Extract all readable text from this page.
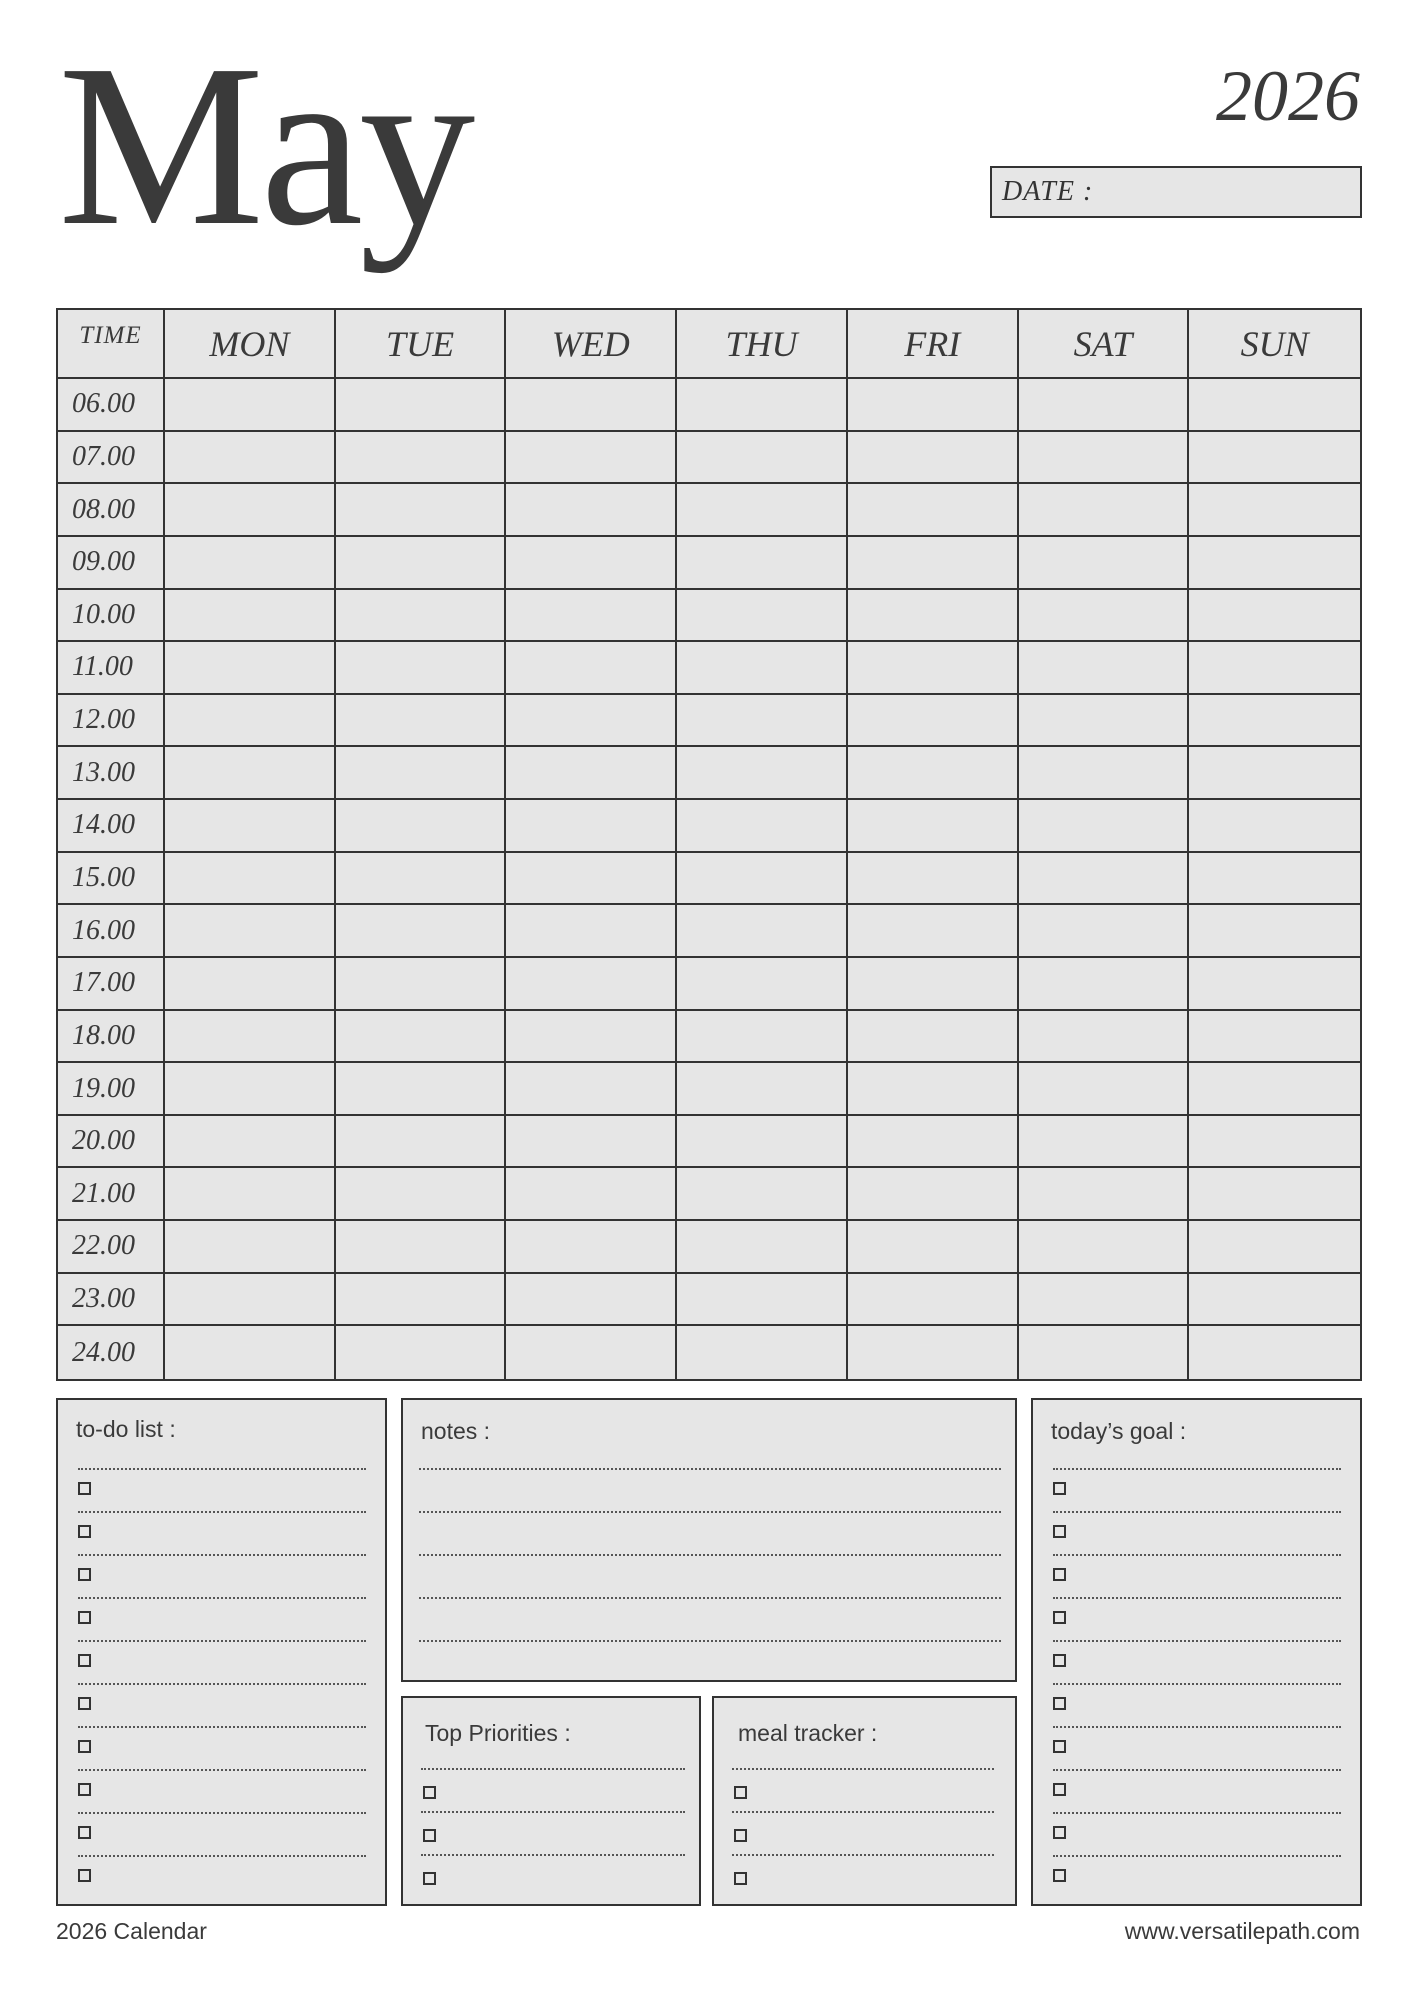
May	2026
DATE :
TIME	MON	TUE	WED	THU	FRI	SAT	SUN
06.00
07.00
08.00
09.00
10.00
11.00
12.00
13.00
14.00
15.00
16.00
17.00
18.00
19.00
20.00
21.00
22.00
23.00
24.00
to-do list :	notes :	today’s goal :
Top Priorities :	meal tracker :
2026 Calendar	www.versatilepath.com
